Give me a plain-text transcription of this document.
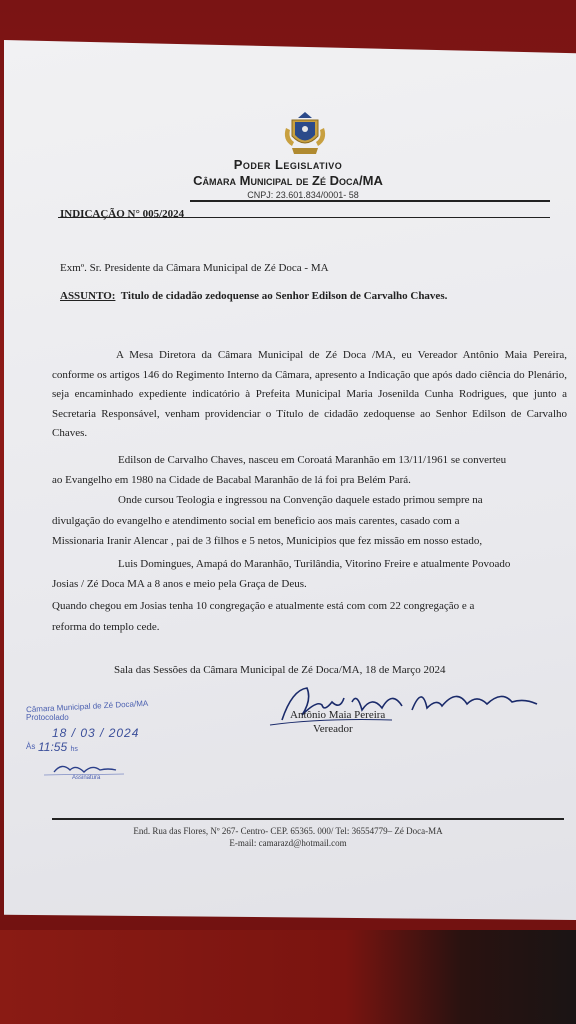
Poder Legislativo
Câmara Municipal de Zé Doca/MA
CNPJ: 23.601.834/0001- 58
INDICAÇÃO N° 005/2024
Exmº. Sr. Presidente da Câmara Municipal de Zé Doca - MA
ASSUNTO: Titulo de cidadão zedoquense ao Senhor Edilson de Carvalho Chaves.
A Mesa Diretora da Câmara Municipal de Zé Doca /MA, eu Vereador Antônio Maia Pereira, conforme os artigos 146 do Regimento Interno da Câmara, apresento a Indicação que após dado ciência do Plenário, seja encaminhado expediente indicatório à Prefeita Municipal Maria Josenilda Cunha Rodrigues, que junto a Secretaria Responsável, venham providenciar o Título de cidadão zedoquense ao Senhor Edilson de Carvalho Chaves.
Edilson de Carvalho Chaves, nasceu em Coroatá Maranhão em 13/11/1961 se converteu
ao Evangelho em 1980 na Cidade de Bacabal Maranhão de lá foi pra Belém Pará.
Onde cursou Teologia e ingressou na Convenção daquele estado primou sempre na
divulgação do evangelho e atendimento social em beneficio aos mais carentes, casado com a
Missionaria Iranir Alencar , pai de 3 filhos e 5 netos, Municipios que fez missão em nosso estado,
Luis Domingues, Amapá do Maranhão, Turilândia, Vitorino Freire e atualmente Povoado
Josias / Zé Doca MA a 8 anos e meio pela Graça de Deus.
Quando chegou em Josias tenha 10 congregação e atualmente está com com 22 congregação e a
reforma do templo cede.
Sala das Sessões da Câmara Municipal de Zé Doca/MA, 18 de Março 2024
Antônio Maia Pereira
Vereador
Câmara Municipal de Zé Doca/MA
Protocolado
18 / 03 / 2024
Às 11:55 hs
Assinatura
End. Rua das Flores, Nº 267- Centro- CEP. 65365. 000/ Tel: 36554779– Zé Doca-MA
E-mail: camarazd@hotmail.com
